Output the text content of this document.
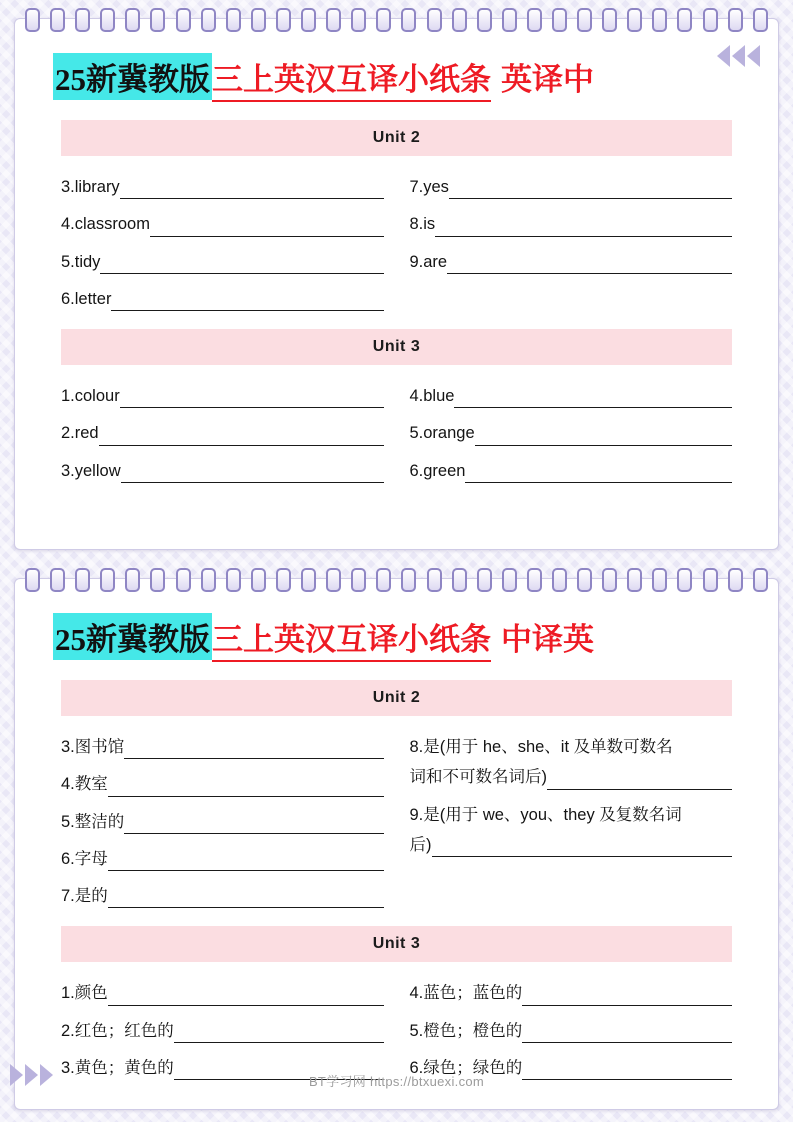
25新冀教版 三上英汉互译小纸条 英译中
Unit 2
3.library
4.classroom
5.tidy
6.letter
7.yes
8.is
9.are
Unit 3
1.colour
2.red
3.yellow
4.blue
5.orange
6.green
25新冀教版 三上英汉互译小纸条 中译英
Unit 2
3.图书馆
4.教室
5.整洁的
6.字母
7.是的
8.是(用于 he、she、it 及单数可数名
词和不可数名词后)
9.是(用于 we、you、they 及复数名词
后)
Unit 3
1.颜色
2.红色；红色的
3.黄色；黄色的
4.蓝色；蓝色的
5.橙色；橙色的
6.绿色；绿色的
BT学习网 https://btxuexi.com
